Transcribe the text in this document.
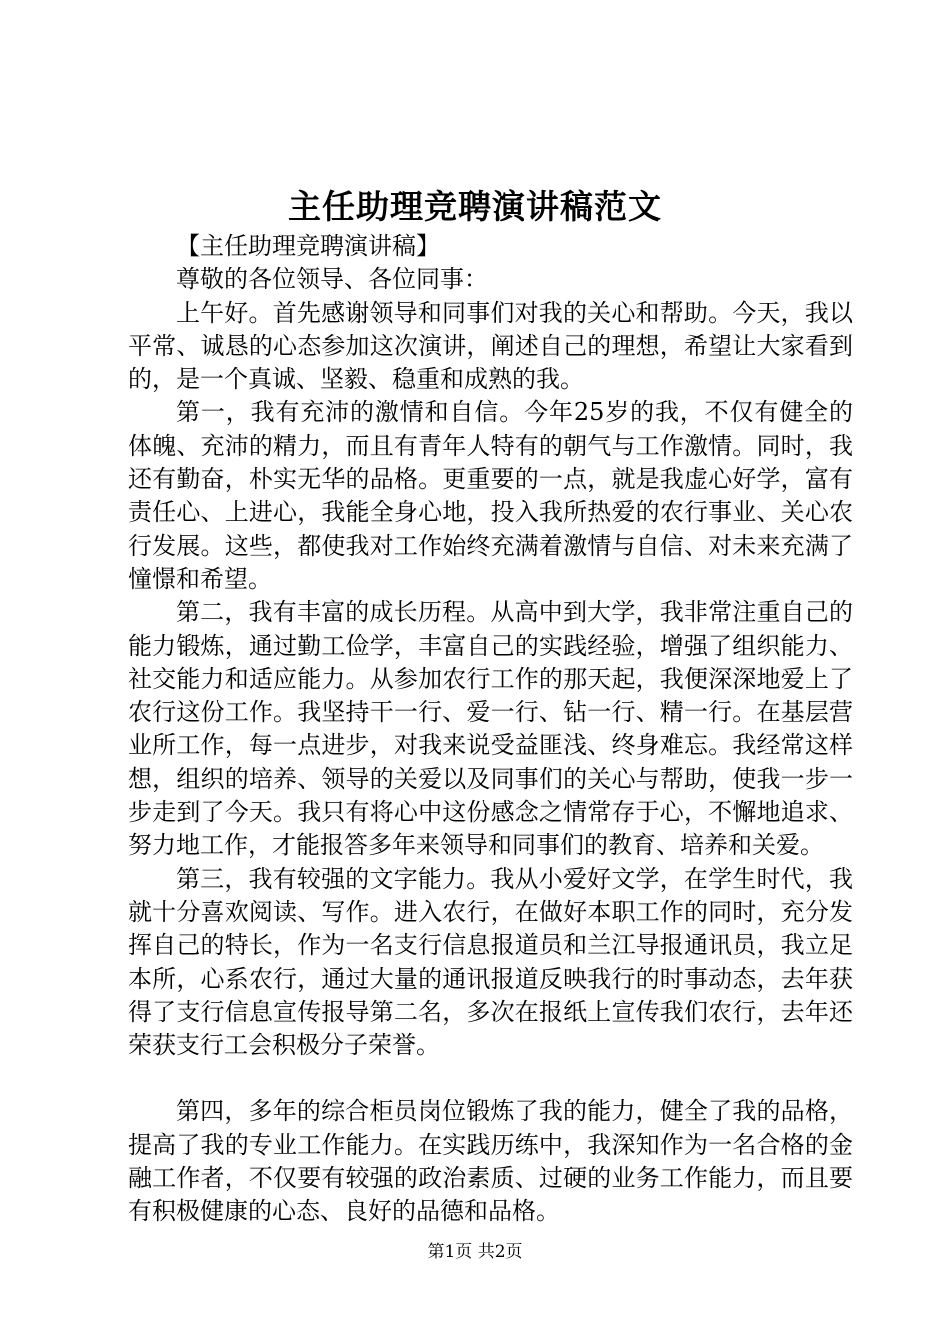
主任助理竞聘演讲稿范文

【主任助理竞聘演讲稿】

尊敬的各位领导、各位同事：

上午好。首先感谢领导和同事们对我的关心和帮助。今天，我以平常、诚恳的心态参加这次演讲，阐述自己的理想，希望让大家看到的，是一个真诚、坚毅、稳重和成熟的我。

第一，我有充沛的激情和自信。今年25岁的我，不仅有健全的体魄、充沛的精力，而且有青年人特有的朝气与工作激情。同时，我还有勤奋，朴实无华的品格。更重要的一点，就是我虚心好学，富有责任心、上进心，我能全身心地，投入我所热爱的农行事业、关心农行发展。这些，都使我对工作始终充满着激情与自信、对未来充满了憧憬和希望。

第二，我有丰富的成长历程。从高中到大学，我非常注重自己的能力锻炼，通过勤工俭学，丰富自己的实践经验，增强了组织能力、社交能力和适应能力。从参加农行工作的那天起，我便深深地爱上了农行这份工作。我坚持干一行、爱一行、钻一行、精一行。在基层营业所工作，每一点进步，对我来说受益匪浅、终身难忘。我经常这样想，组织的培养、领导的关爱以及同事们的关心与帮助，使我一步一步走到了今天。我只有将心中这份感念之情常存于心，不懈地追求、努力地工作，才能报答多年来领导和同事们的教育、培养和关爱。

第三，我有较强的文字能力。我从小爱好文学，在学生时代，我就十分喜欢阅读、写作。进入农行，在做好本职工作的同时，充分发挥自己的特长，作为一名支行信息报道员和兰江导报通讯员，我立足本所，心系农行，通过大量的通讯报道反映我行的时事动态，去年获得了支行信息宣传报导第二名，多次在报纸上宣传我们农行，去年还荣获支行工会积极分子荣誉。

第四，多年的综合柜员岗位锻炼了我的能力，健全了我的品格，提高了我的专业工作能力。在实践历练中，我深知作为一名合格的金融工作者，不仅要有较强的政治素质、过硬的业务工作能力，而且要有积极健康的心态、良好的品德和品格。

第1页 共2页
